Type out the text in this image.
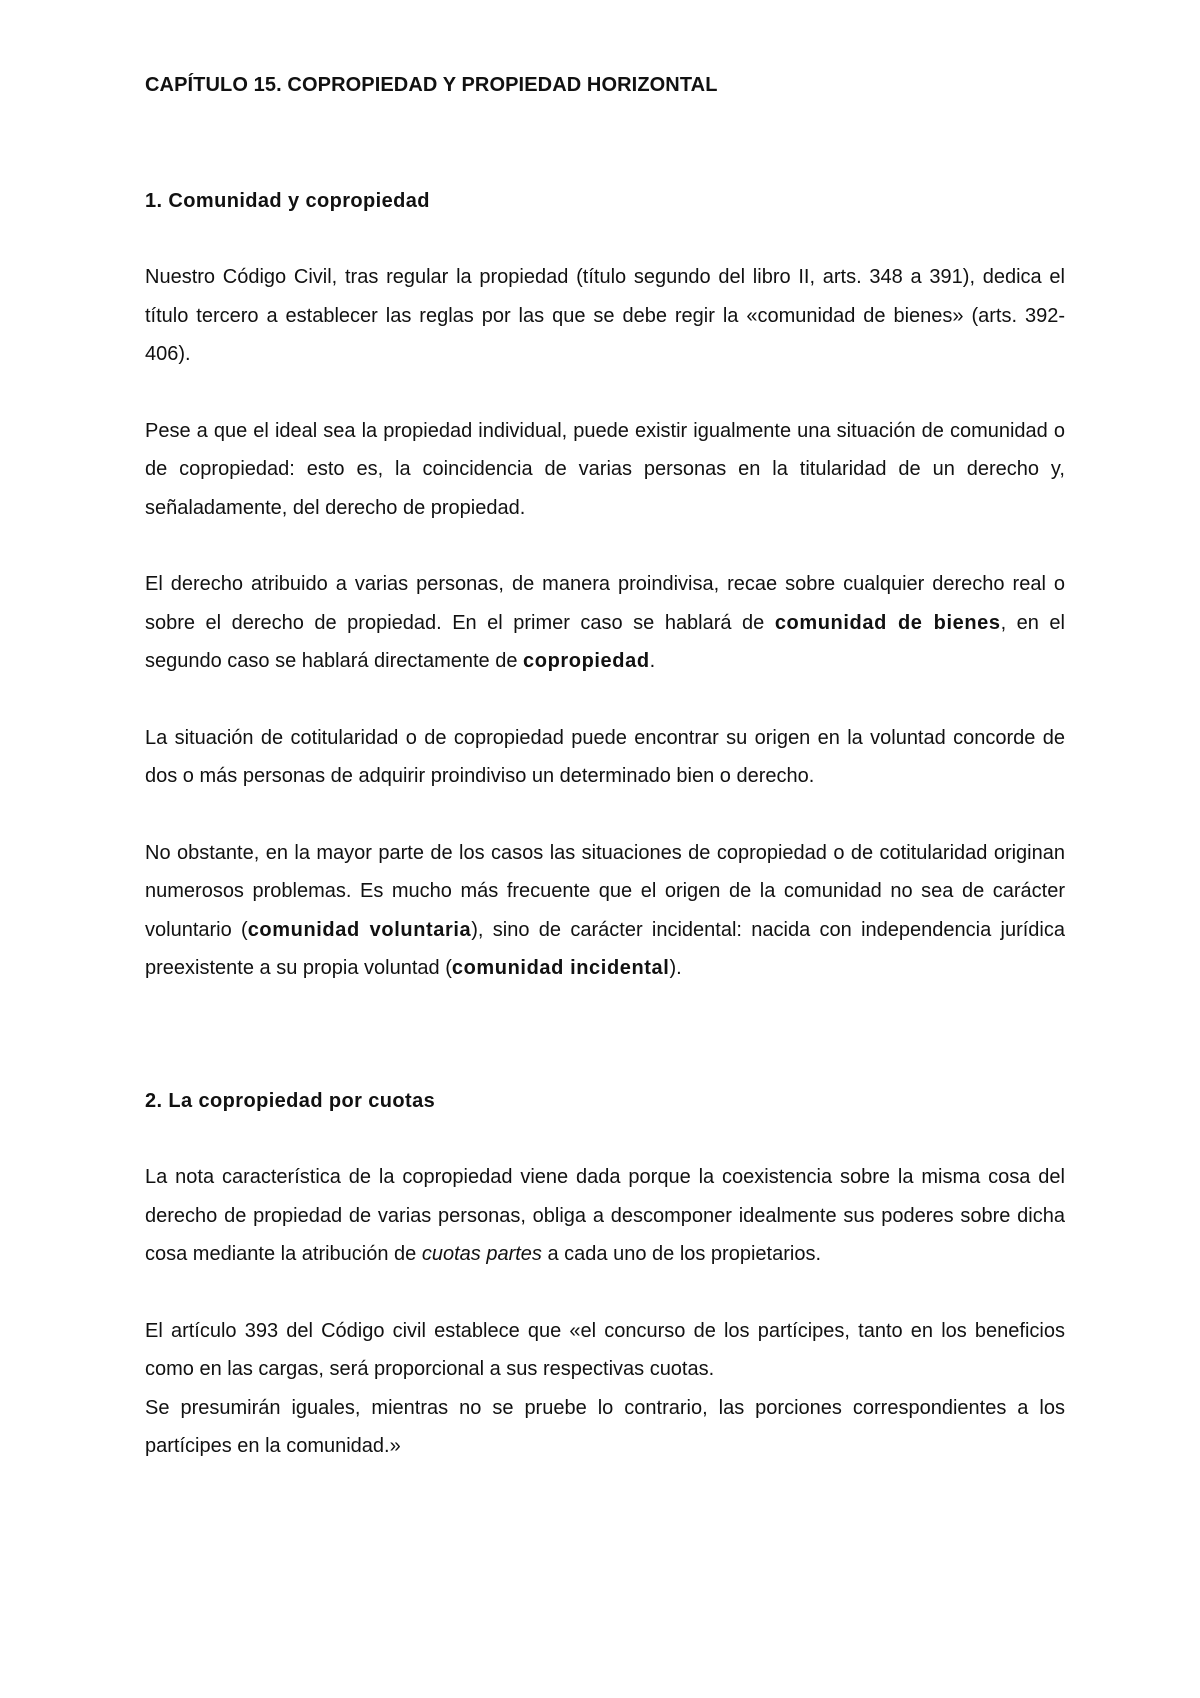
CAPÍTULO 15. COPROPIEDAD Y PROPIEDAD HORIZONTAL
1. Comunidad y copropiedad

Nuestro Código Civil, tras regular la propiedad (título segundo del libro II, arts. 348 a 391), dedica el título tercero a establecer las reglas por las que se debe regir la «comunidad de bienes» (arts. 392-406).

Pese a que el ideal sea la propiedad individual, puede existir igualmente una situación de comunidad o de copropiedad: esto es, la coincidencia de varias personas en la titularidad de un derecho y, señaladamente, del derecho de propiedad.

El derecho atribuido a varias personas, de manera proindivisa, recae sobre cualquier derecho real o sobre el derecho de propiedad. En el primer caso se hablará de comunidad de bienes, en el segundo caso se hablará directamente de copropiedad.

La situación de cotitularidad o de copropiedad puede encontrar su origen en la voluntad concorde de dos o más personas de adquirir proindiviso un determinado bien o derecho.

No obstante, en la mayor parte de los casos las situaciones de copropiedad o de cotitularidad originan numerosos problemas. Es mucho más frecuente que el origen de la comunidad no sea de carácter voluntario (comunidad voluntaria), sino de carácter incidental: nacida con independencia jurídica preexistente a su propia voluntad (comunidad incidental).

2. La copropiedad por cuotas

La nota característica de la copropiedad viene dada porque la coexistencia sobre la misma cosa del derecho de propiedad de varias personas, obliga a descomponer idealmente sus poderes sobre dicha cosa mediante la atribución de cuotas partes a cada uno de los propietarios.

El artículo 393 del Código civil establece que «el concurso de los partícipes, tanto en los beneficios como en las cargas, será proporcional a sus respectivas cuotas.

Se presumirán iguales, mientras no se pruebe lo contrario, las porciones correspondientes a los partícipes en la comunidad.»
